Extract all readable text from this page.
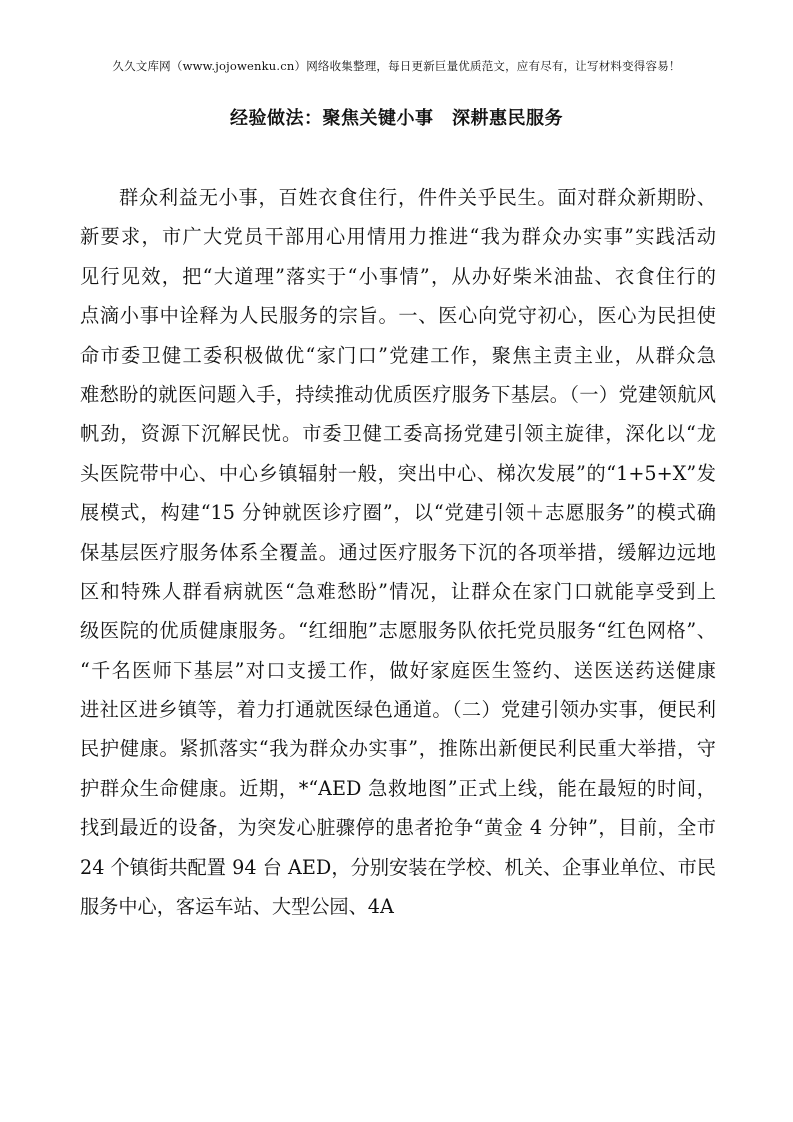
久久文库网（www.jojowenku.cn）网络收集整理，每日更新巨量优质范文，应有尽有，让写材料变得容易！
经验做法：聚焦关键小事　深耕惠民服务
群众利益无小事，百姓衣食住行，件件关乎民生。面对群众新期盼、
新要求，市广大党员干部用心用情用力推进“我为群众办实事”实践活动
见行见效，把“大道理”落实于“小事情”，从办好柴米油盐、衣食住行的
点滴小事中诠释为人民服务的宗旨。一、医心向党守初心，医心为民担使
命市委卫健工委积极做优“家门口”党建工作，聚焦主责主业，从群众急
难愁盼的就医问题入手，持续推动优质医疗服务下基层。（一）党建领航风
帆劲，资源下沉解民忧。市委卫健工委高扬党建引领主旋律，深化以“龙
头医院带中心、中心乡镇辐射一般，突出中心、梯次发展”的“1+5+X”发
展模式，构建“15 分钟就医诊疗圈”，以“党建引领＋志愿服务”的模式确
保基层医疗服务体系全覆盖。通过医疗服务下沉的各项举措，缓解边远地
区和特殊人群看病就医“急难愁盼”情况，让群众在家门口就能享受到上
级医院的优质健康服务。“红细胞”志愿服务队依托党员服务“红色网格”、
“千名医师下基层”对口支援工作，做好家庭医生签约、送医送药送健康
进社区进乡镇等，着力打通就医绿色通道。（二）党建引领办实事，便民利
民护健康。紧抓落实“我为群众办实事”，推陈出新便民利民重大举措，守
护群众生命健康。近期，*“AED 急救地图”正式上线，能在最短的时间，
找到最近的设备，为突发心脏骤停的患者抢争“黄金 4 分钟”，目前，全市
24 个镇街共配置 94 台 AED，分别安装在学校、机关、企事业单位、市民
服务中心，客运车站、大型公园、4A
